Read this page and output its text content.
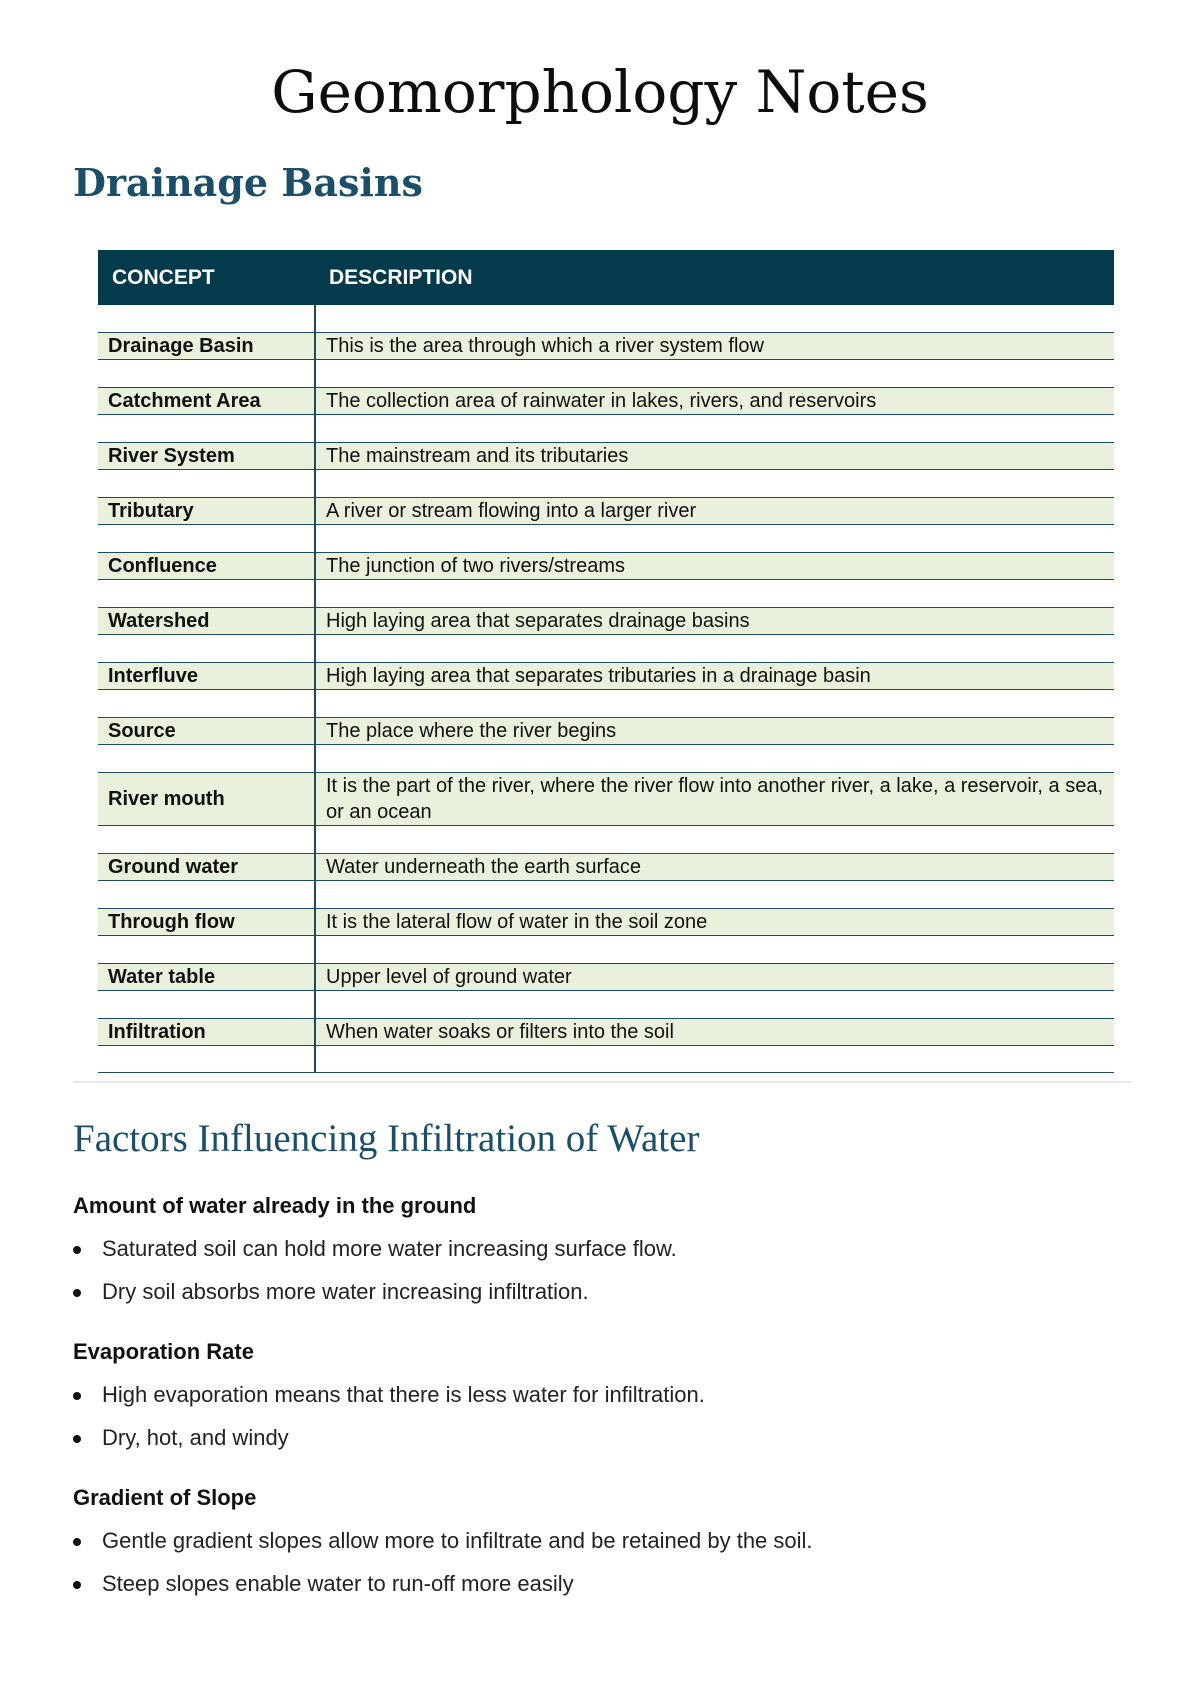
Geomorphology Notes
Drainage Basins
CONCEPT	DESCRIPTION

Drainage Basin	This is the area through which a river system flow

Catchment Area	The collection area of rainwater in lakes, rivers, and reservoirs

River System	The mainstream and its tributaries

Tributary	A river or stream flowing into a larger river

Confluence	The junction of two rivers/streams

Watershed	High laying area that separates drainage basins

Interfluve	High laying area that separates tributaries in a drainage basin

Source	The place where the river begins

River mouth	It is the part of the river, where the river flow into another river, a lake, a reservoir, a sea, or an ocean

Ground water	Water underneath the earth surface

Through flow	It is the lateral flow of water in the soil zone

Water table	Upper level of ground water

Infiltration	When water soaks or filters into the soil

Factors Influencing Infiltration of Water
Amount of water already in the ground
Saturated soil can hold more water increasing surface flow.
Dry soil absorbs more water increasing infiltration.
Evaporation Rate
High evaporation means that there is less water for infiltration.
Dry, hot, and windy
Gradient of Slope
Gentle gradient slopes allow more to infiltrate and be retained by the soil.
Steep slopes enable water to run-off more easily
